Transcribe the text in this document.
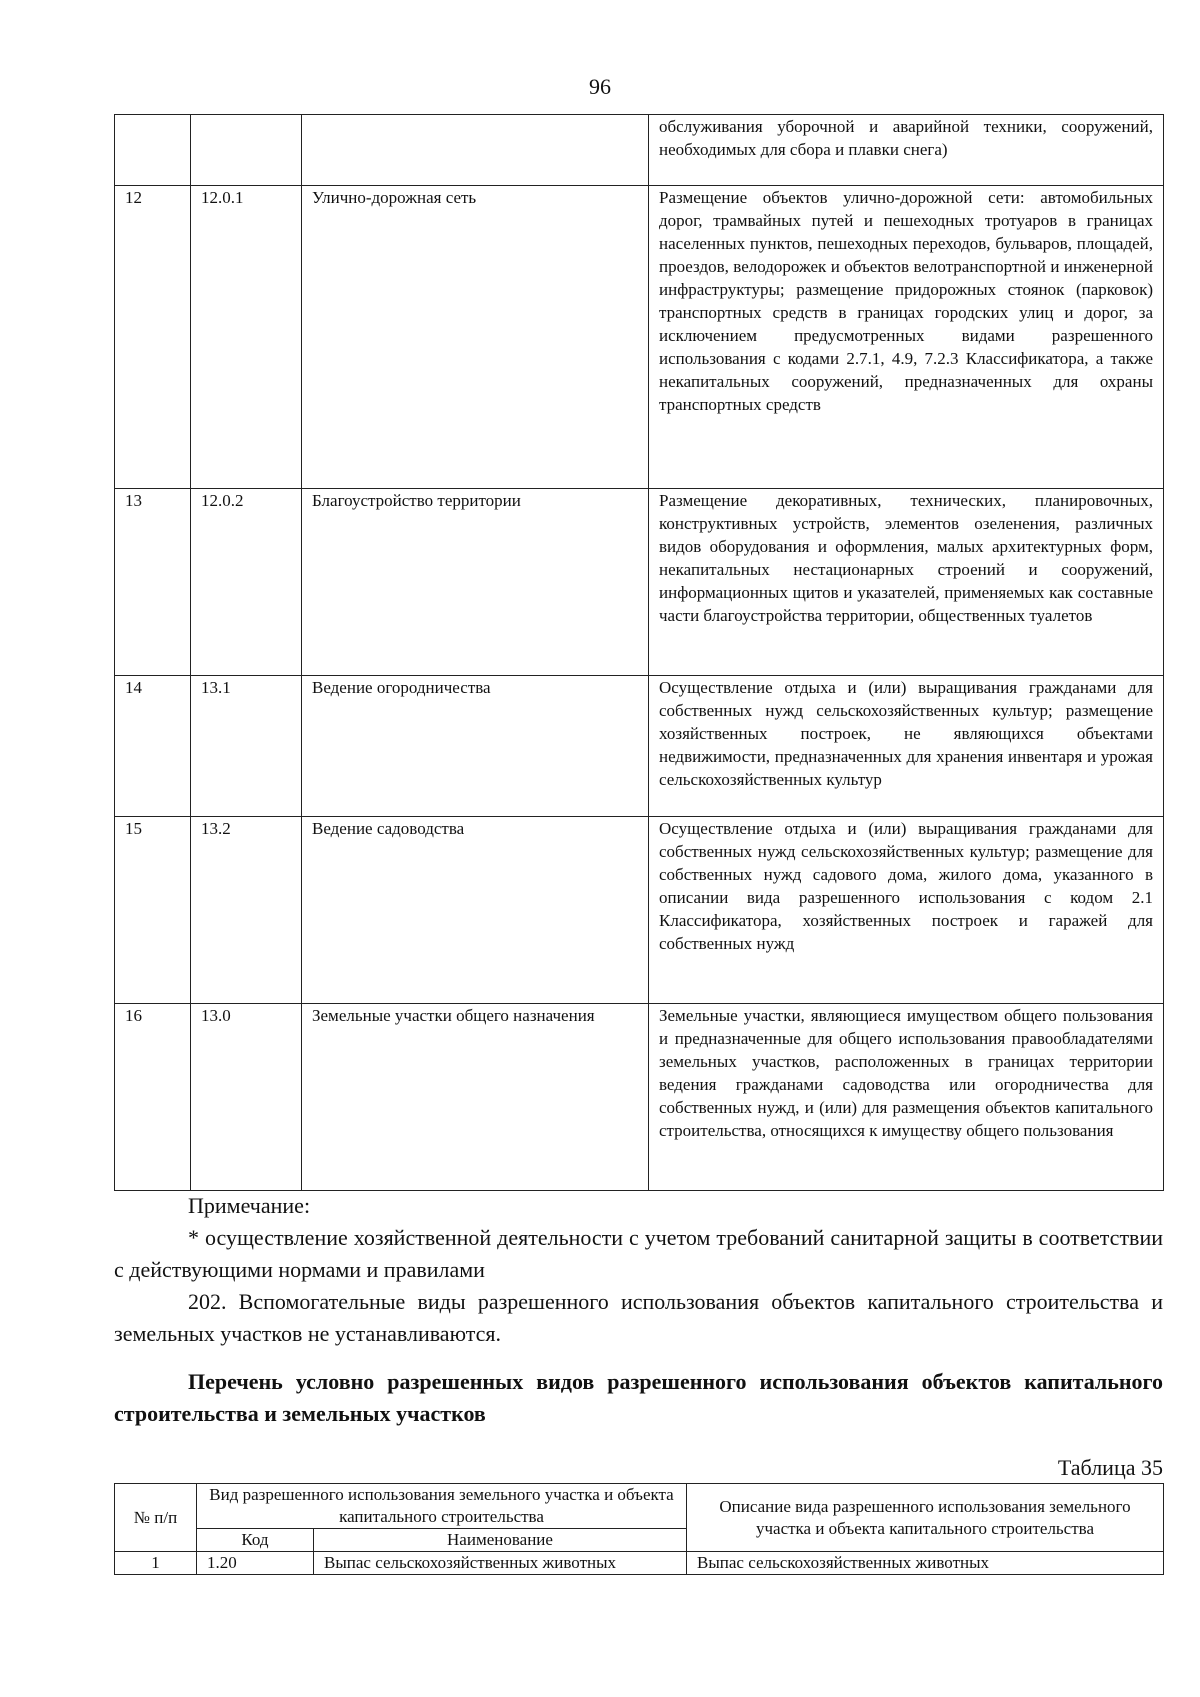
96
			обслуживания уборочной и аварийной техники, сооружений, необходимых для сбора и плавки снега)
12	12.0.1	Улично-дорожная сеть	Размещение объектов улично-дорожной сети: автомобильных дорог, трамвайных путей и пешеходных тротуаров в границах населенных пунктов, пешеходных переходов, бульваров, площадей, проездов, велодорожек и объектов велотранспортной и инженерной инфраструктуры; размещение придорожных стоянок (парковок) транспортных средств в границах городских улиц и дорог, за исключением предусмотренных видами разрешенного использования с кодами 2.7.1, 4.9, 7.2.3 Классификатора, а также некапитальных сооружений, предназначенных для охраны транспортных средств
13	12.0.2	Благоустройство территории	Размещение декоративных, технических, планировочных, конструктивных устройств, элементов озеленения, различных видов оборудования и оформления, малых архитектурных форм, некапитальных нестационарных строений и сооружений, информационных щитов и указателей, применяемых как составные части благоустройства территории, общественных туалетов
14	13.1	Ведение огородничества	Осуществление отдыха и (или) выращивания гражданами для собственных нужд сельскохозяйственных культур; размещение хозяйственных построек, не являющихся объектами недвижимости, предназначенных для хранения инвентаря и урожая сельскохозяйственных культур
15	13.2	Ведение садоводства	Осуществление отдыха и (или) выращивания гражданами для собственных нужд сельскохозяйственных культур; размещение для собственных нужд садового дома, жилого дома, указанного в описании вида разрешенного использования с кодом 2.1 Классификатора, хозяйственных построек и гаражей для собственных нужд
16	13.0	Земельные участки общего назначения	Земельные участки, являющиеся имуществом общего пользования и предназначенные для общего использования правообладателями земельных участков, расположенных в границах территории ведения гражданами садоводства или огородничества для собственных нужд, и (или) для размещения объектов капитального строительства, относящихся к имуществу общего пользования
Примечание:
* осуществление хозяйственной деятельности с учетом требований санитарной защиты в соответствии с действующими нормами и правилами
202. Вспомогательные виды разрешенного использования объектов капитального строительства и земельных участков не устанавливаются.
Перечень условно разрешенных видов разрешенного использования объектов капитального строительства и земельных участков
Таблица 35
№ п/п	Вид разрешенного использования земельного участка и объекта капитального строительства		Описание вида разрешенного использования земельного участка и объекта капитального строительства
	Код	Наименование	
1	1.20	Выпас сельскохозяйственных животных	Выпас сельскохозяйственных животных
